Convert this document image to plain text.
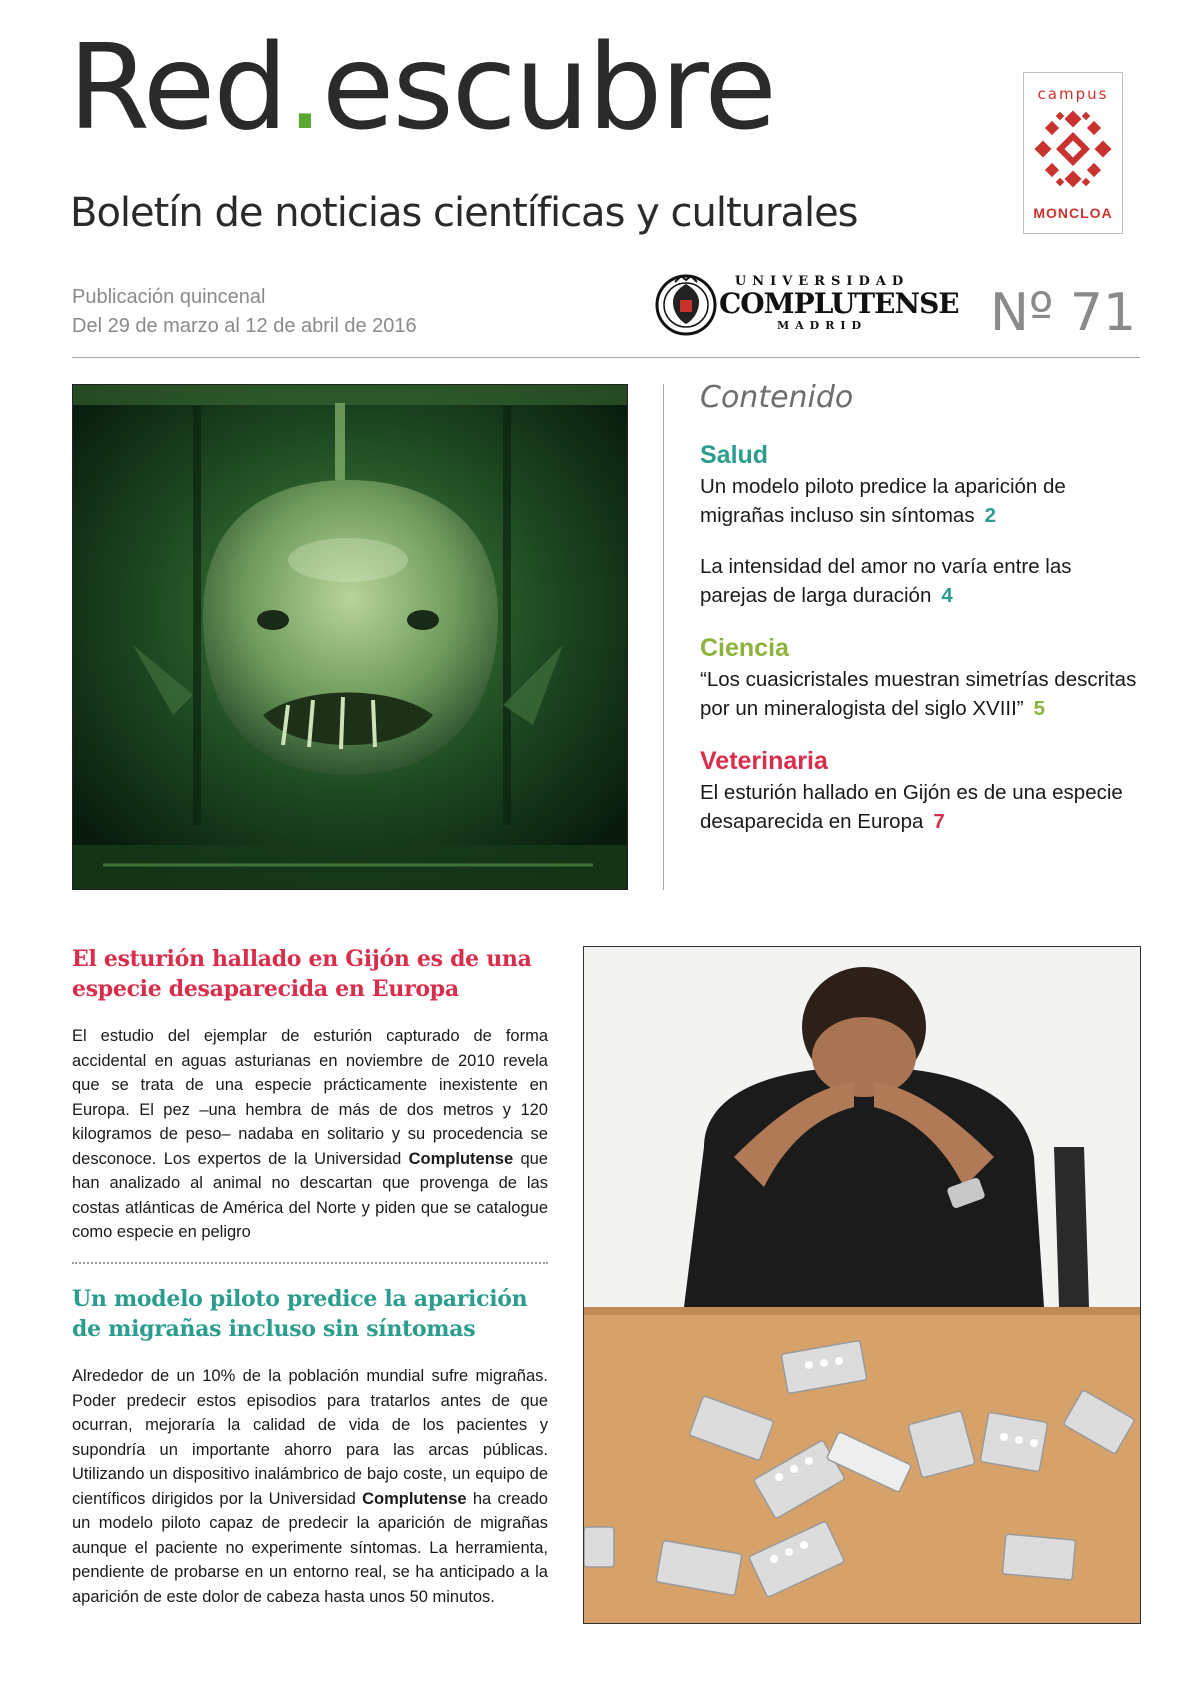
Red.escubre
Boletín de noticias científicas y culturales
campus
MONCLOA
Publicación quincenal
Del 29 de marzo al 12 de abril de 2016
UNIVERSIDAD
COMPLUTENSE
MADRID	Nº 71
Contenido
Salud
Un modelo piloto predice la aparición de migrañas incluso sin síntomas 2
La intensidad del amor no varía entre las parejas de larga duración 4
Ciencia
“Los cuasicristales muestran simetrías descritas por un mineralogista del siglo XVIII” 5
Veterinaria
El esturión hallado en Gijón es de una especie desaparecida en Europa 7
El esturión hallado en Gijón es de una especie desaparecida en Europa

El estudio del ejemplar de esturión capturado de forma accidental en aguas asturianas en noviembre de 2010 revela que se trata de una especie prácticamente inexistente en Europa. El pez –una hembra de más de dos metros y 120 kilogramos de peso– nadaba en solitario y su procedencia se desconoce. Los expertos de la Universidad Complutense que han analizado al animal no descartan que provenga de las costas atlánticas de América del Norte y piden que se catalogue como especie en peligro

Un modelo piloto predice la aparición de migrañas incluso sin síntomas

Alrededor de un 10% de la población mundial sufre migrañas. Poder predecir estos episodios para tratarlos antes de que ocurran, mejoraría la calidad de vida de los pacientes y supondría un importante ahorro para las arcas públicas. Utilizando un dispositivo inalámbrico de bajo coste, un equipo de científicos dirigidos por la Universidad Complutense ha creado un modelo piloto capaz de predecir la aparición de migrañas aunque el paciente no experimente síntomas. La herramienta, pendiente de probarse en un entorno real, se ha anticipado a la aparición de este dolor de cabeza hasta unos 50 minutos.
